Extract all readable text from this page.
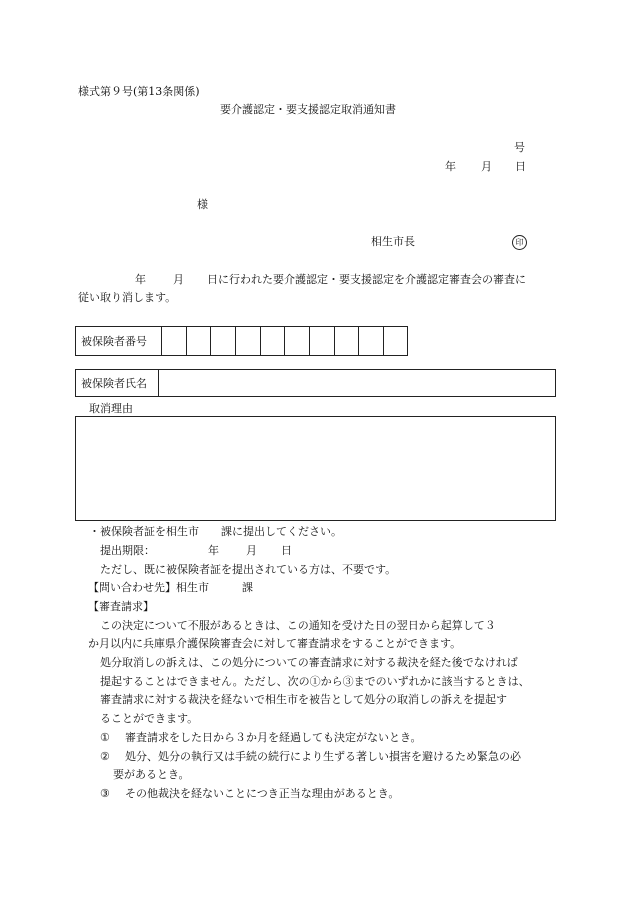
様式第９号(第13条関係)
要介護認定・要支援認定取消通知書
号
年 月 日
様
相生市長	印
年 月 日に行われた要介護認定・要支援認定を介護認定審査会の審査に
従い取り消します。
被保険者番号
被保険者氏名
取消理由
・被保険者証を相生市　　課に提出してください。
提出期限：	年 月 日
ただし、既に被保険者証を提出されている方は、不要です。
【問い合わせ先】相生市　　　課
【審査請求】
この決定について不服があるときは、この通知を受けた日の翌日から起算して３
か月以内に兵庫県介護保険審査会に対して審査請求をすることができます。
処分取消しの訴えは、この処分についての審査請求に対する裁決を経た後でなければ
提起することはできません。ただし、次の①から③までのいずれかに該当するときは、
審査請求に対する裁決を経ないで相生市を被告として処分の取消しの訴えを提起す
ることができます。
① 審査請求をした日から３か月を経過しても決定がないとき。
② 処分、処分の執行又は手続の続行により生ずる著しい損害を避けるため緊急の必
要があるとき。
③ その他裁決を経ないことにつき正当な理由があるとき。
